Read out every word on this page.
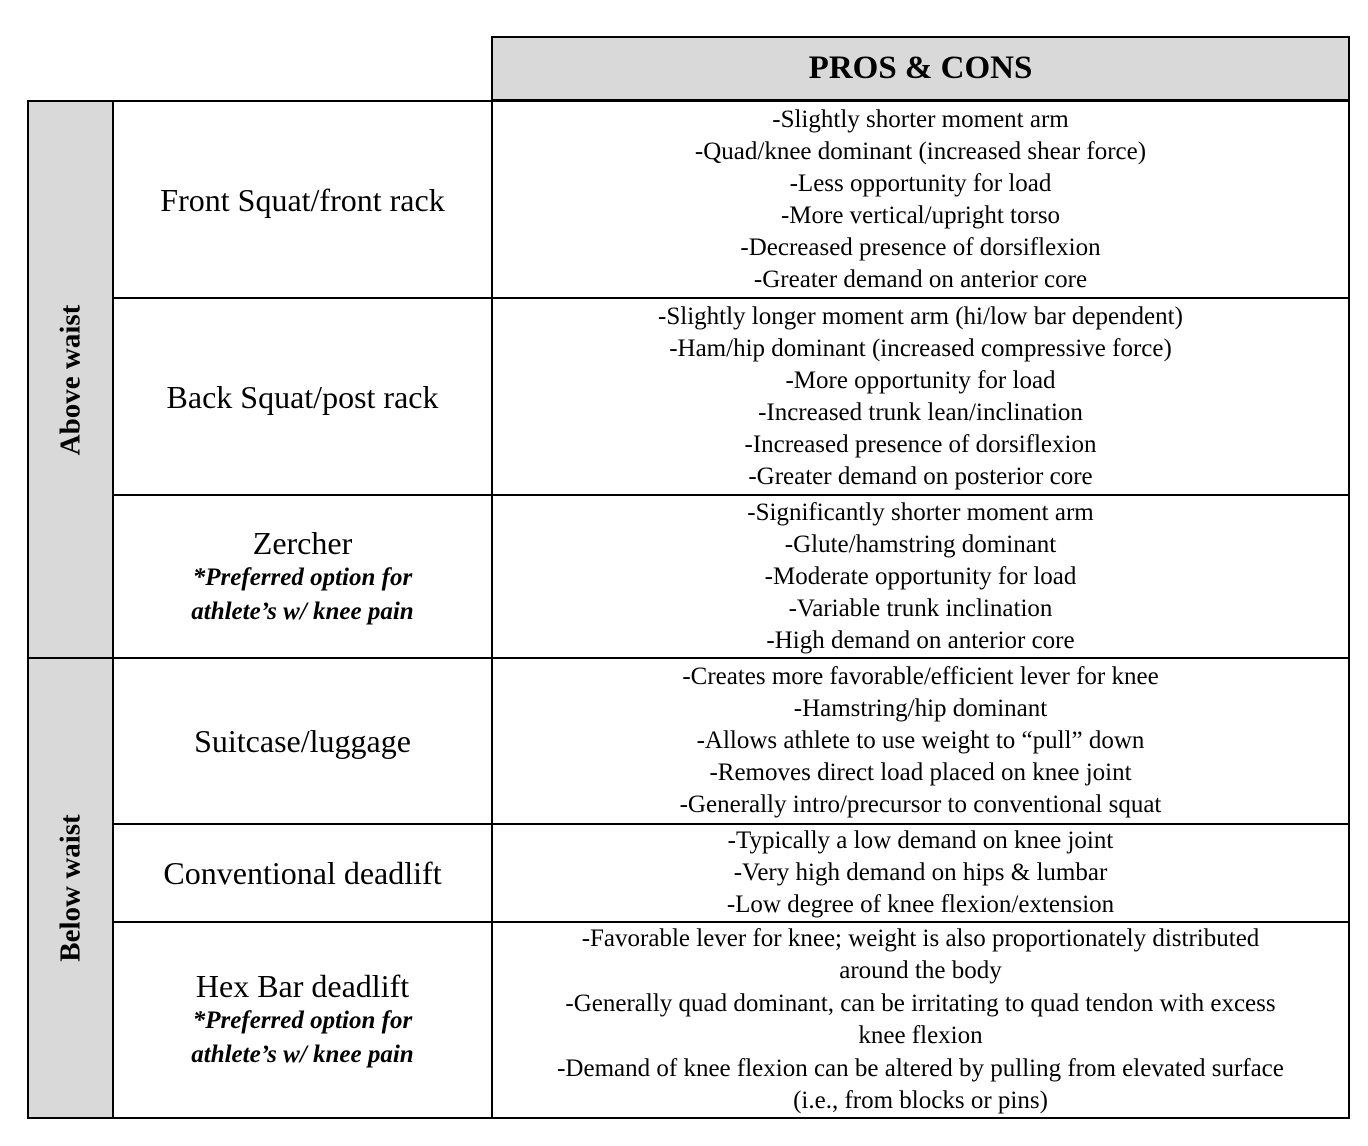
PROS & CONS
Above waist
Front Squat/front rack
-Slightly shorter moment arm
-Quad/knee dominant (increased shear force)
-Less opportunity for load
-More vertical/upright torso
-Decreased presence of dorsiflexion
-Greater demand on anterior core
Back Squat/post rack
-Slightly longer moment arm (hi/low bar dependent)
-Ham/hip dominant (increased compressive force)
-More opportunity for load
-Increased trunk lean/inclination
-Increased presence of dorsiflexion
-Greater demand on posterior core
Zercher
*Preferred option for
athlete’s w/ knee pain
-Significantly shorter moment arm
-Glute/hamstring dominant
-Moderate opportunity for load
-Variable trunk inclination
-High demand on anterior core
Below waist
Suitcase/luggage
-Creates more favorable/efficient lever for knee
-Hamstring/hip dominant
-Allows athlete to use weight to “pull” down
-Removes direct load placed on knee joint
-Generally intro/precursor to conventional squat
Conventional deadlift
-Typically a low demand on knee joint
-Very high demand on hips & lumbar
-Low degree of knee flexion/extension
Hex Bar deadlift
*Preferred option for
athlete’s w/ knee pain
-Favorable lever for knee; weight is also proportionately distributed
around the body
-Generally quad dominant, can be irritating to quad tendon with excess
knee flexion
-Demand of knee flexion can be altered by pulling from elevated surface
(i.e., from blocks or pins)
